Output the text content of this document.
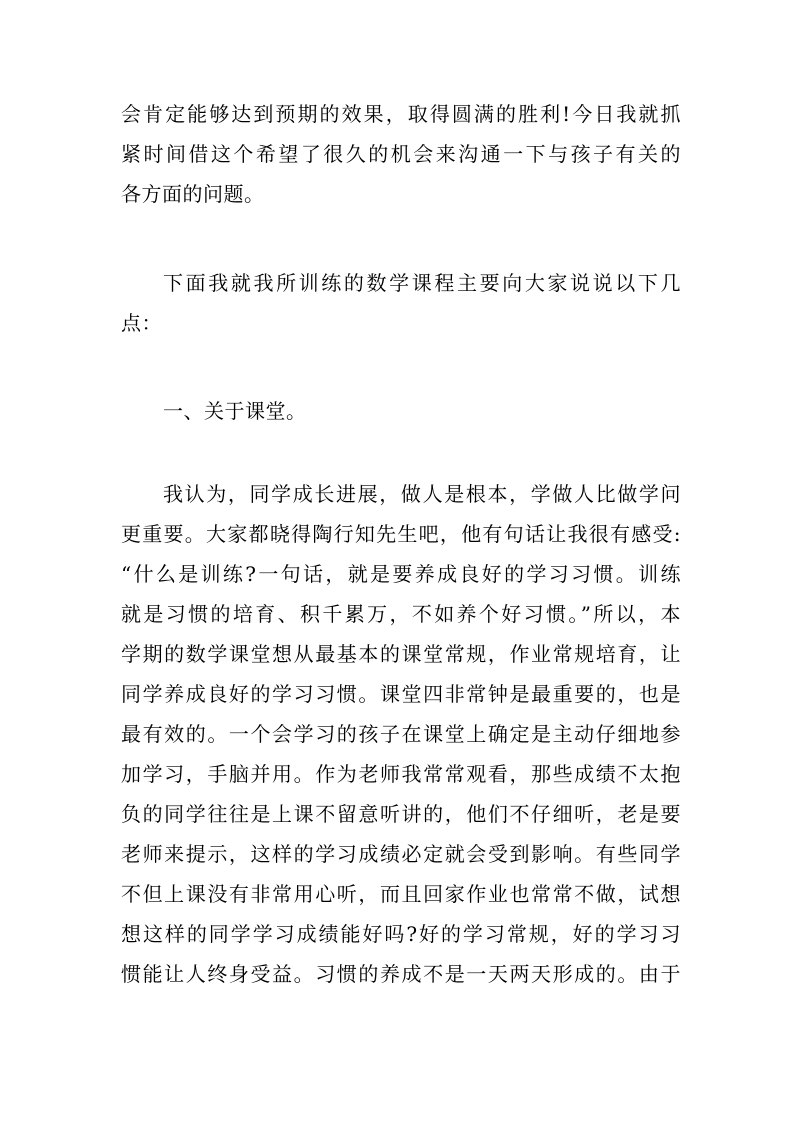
会肯定能够达到预期的效果，取得圆满的胜利!今日我就抓
紧时间借这个希望了很久的机会来沟通一下与孩子有关的
各方面的问题。
下面我就我所训练的数学课程主要向大家说说以下几
点：
一、关于课堂。
我认为，同学成长进展，做人是根本，学做人比做学问
更重要。大家都晓得陶行知先生吧，他有句话让我很有感受:
“什么是训练?一句话，就是要养成良好的学习习惯。训练
就是习惯的培育、积千累万，不如养个好习惯。”所以，本
学期的数学课堂想从最基本的课堂常规，作业常规培育，让
同学养成良好的学习习惯。课堂四非常钟是最重要的，也是
最有效的。一个会学习的孩子在课堂上确定是主动仔细地参
加学习，手脑并用。作为老师我常常观看，那些成绩不太抱
负的同学往往是上课不留意听讲的，他们不仔细听，老是要
老师来提示，这样的学习成绩必定就会受到影响。有些同学
不但上课没有非常用心听，而且回家作业也常常不做，试想
想这样的同学学习成绩能好吗?好的学习常规，好的学习习
惯能让人终身受益。习惯的养成不是一天两天形成的。由于
